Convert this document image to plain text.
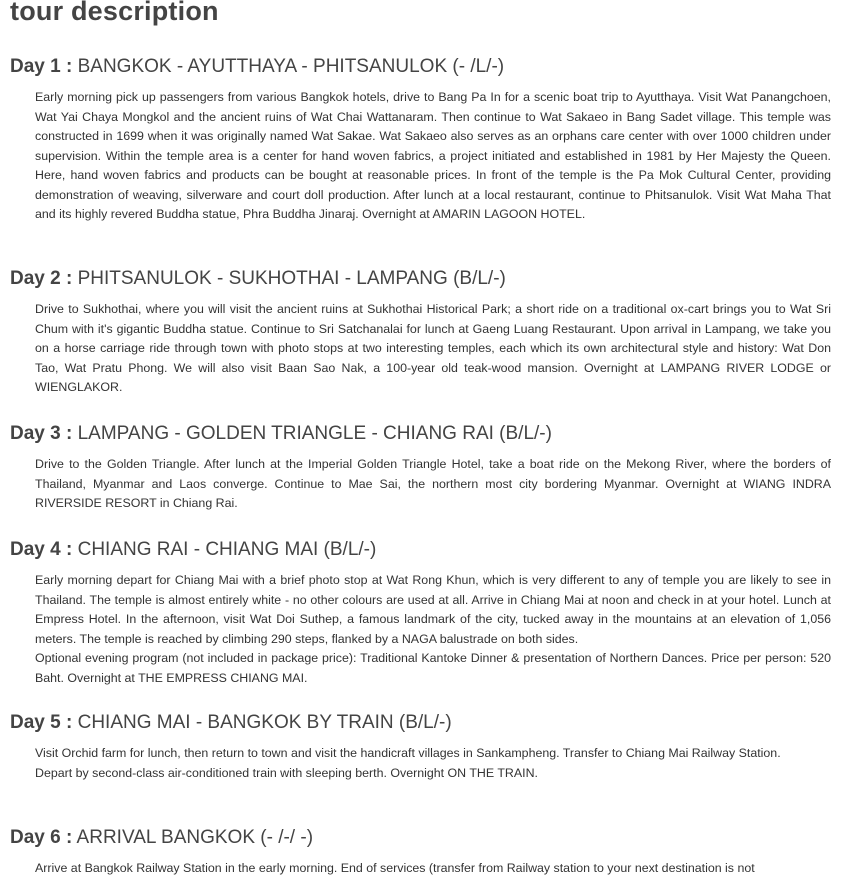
tour description
Day 1 : BANGKOK - AYUTTHAYA - PHITSANULOK (- /L/-)

Early morning pick up passengers from various Bangkok hotels, drive to Bang Pa In for a scenic boat trip to Ayutthaya. Visit Wat Panangchoen, Wat Yai Chaya Mongkol and the ancient ruins of Wat Chai Wattanaram. Then continue to Wat Sakaeo in Bang Sadet village. This temple was constructed in 1699 when it was originally named Wat Sakae. Wat Sakaeo also serves as an orphans care center with over 1000 children under supervision. Within the temple area is a center for hand woven fabrics, a project initiated and established in 1981 by Her Majesty the Queen. Here, hand woven fabrics and products can be bought at reasonable prices. In front of the temple is the Pa Mok Cultural Center, providing demonstration of weaving, silverware and court doll production. After lunch at a local restaurant, continue to Phitsanulok. Visit Wat Maha That and its highly revered Buddha statue, Phra Buddha Jinaraj. Overnight at AMARIN LAGOON HOTEL.

Day 2 : PHITSANULOK - SUKHOTHAI - LAMPANG (B/L/-)

Drive to Sukhothai, where you will visit the ancient ruins at Sukhothai Historical Park; a short ride on a traditional ox-cart brings you to Wat Sri Chum with it's gigantic Buddha statue. Continue to Sri Satchanalai for lunch at Gaeng Luang Restaurant. Upon arrival in Lampang, we take you on a horse carriage ride through town with photo stops at two interesting temples, each which its own architectural style and history: Wat Don Tao, Wat Pratu Phong. We will also visit Baan Sao Nak, a 100-year old teak-wood mansion. Overnight at LAMPANG RIVER LODGE or WIENGLAKOR.

Day 3 : LAMPANG - GOLDEN TRIANGLE - CHIANG RAI (B/L/-)

Drive to the Golden Triangle. After lunch at the Imperial Golden Triangle Hotel, take a boat ride on the Mekong River, where the borders of Thailand, Myanmar and Laos converge. Continue to Mae Sai, the northern most city bordering Myanmar. Overnight at WIANG INDRA RIVERSIDE RESORT in Chiang Rai.

Day 4 : CHIANG RAI - CHIANG MAI (B/L/-)

Early morning depart for Chiang Mai with a brief photo stop at Wat Rong Khun, which is very different to any of temple you are likely to see in Thailand. The temple is almost entirely white - no other colours are used at all. Arrive in Chiang Mai at noon and check in at your hotel. Lunch at Empress Hotel. In the afternoon, visit Wat Doi Suthep, a famous landmark of the city, tucked away in the mountains at an elevation of 1,056 meters. The temple is reached by climbing 290 steps, flanked by a NAGA balustrade on both sides.

Optional evening program (not included in package price): Traditional Kantoke Dinner & presentation of Northern Dances. Price per person: 520 Baht. Overnight at THE EMPRESS CHIANG MAI.

Day 5 : CHIANG MAI - BANGKOK BY TRAIN (B/L/-)

Visit Orchid farm for lunch, then return to town and visit the handicraft villages in Sankampheng. Transfer to Chiang Mai Railway Station.

Depart by second-class air-conditioned train with sleeping berth. Overnight ON THE TRAIN.

Day 6 : ARRIVAL BANGKOK (- /-/ -)

Arrive at Bangkok Railway Station in the early morning. End of services (transfer from Railway station to your next destination is not
